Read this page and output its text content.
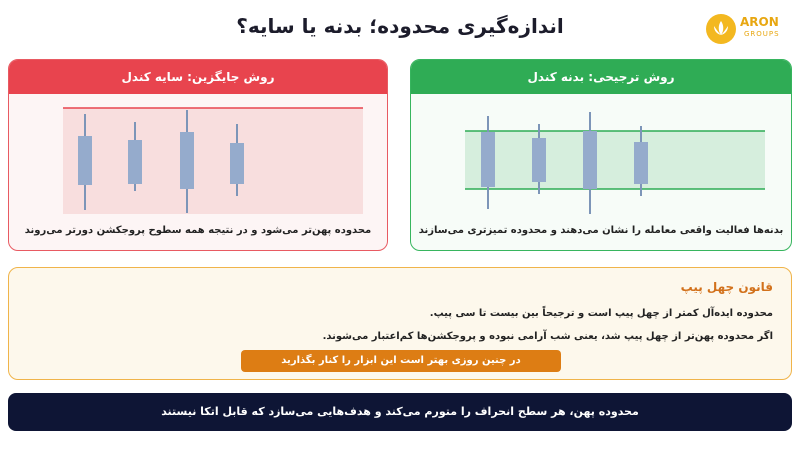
اندازه‌گیری محدوده؛ بدنه یا سایه؟	ARON
GROUPS
روش جایگزین: سایه کندل
محدوده پهن‌تر می‌شود و در نتیجه همه سطوح پروجکشن دورتر می‌روند
روش ترجیحی: بدنه کندل
بدنه‌ها فعالیت واقعی معامله را نشان می‌دهند و محدوده تمیزتری می‌سازند
قانون چهل پیپ
محدوده ایده‌آل کمتر از چهل پیپ است و ترجیحاً بین بیست تا سی پیپ.
اگر محدوده پهن‌تر از چهل پیپ شد، یعنی شب آرامی نبوده و پروجکشن‌ها کم‌اعتبار می‌شوند.
در چنین روزی بهتر است این ابزار را کنار بگذارید
محدوده پهن، هر سطح انحراف را متورم می‌کند و هدف‌هایی می‌سازد که قابل اتکا نیستند
